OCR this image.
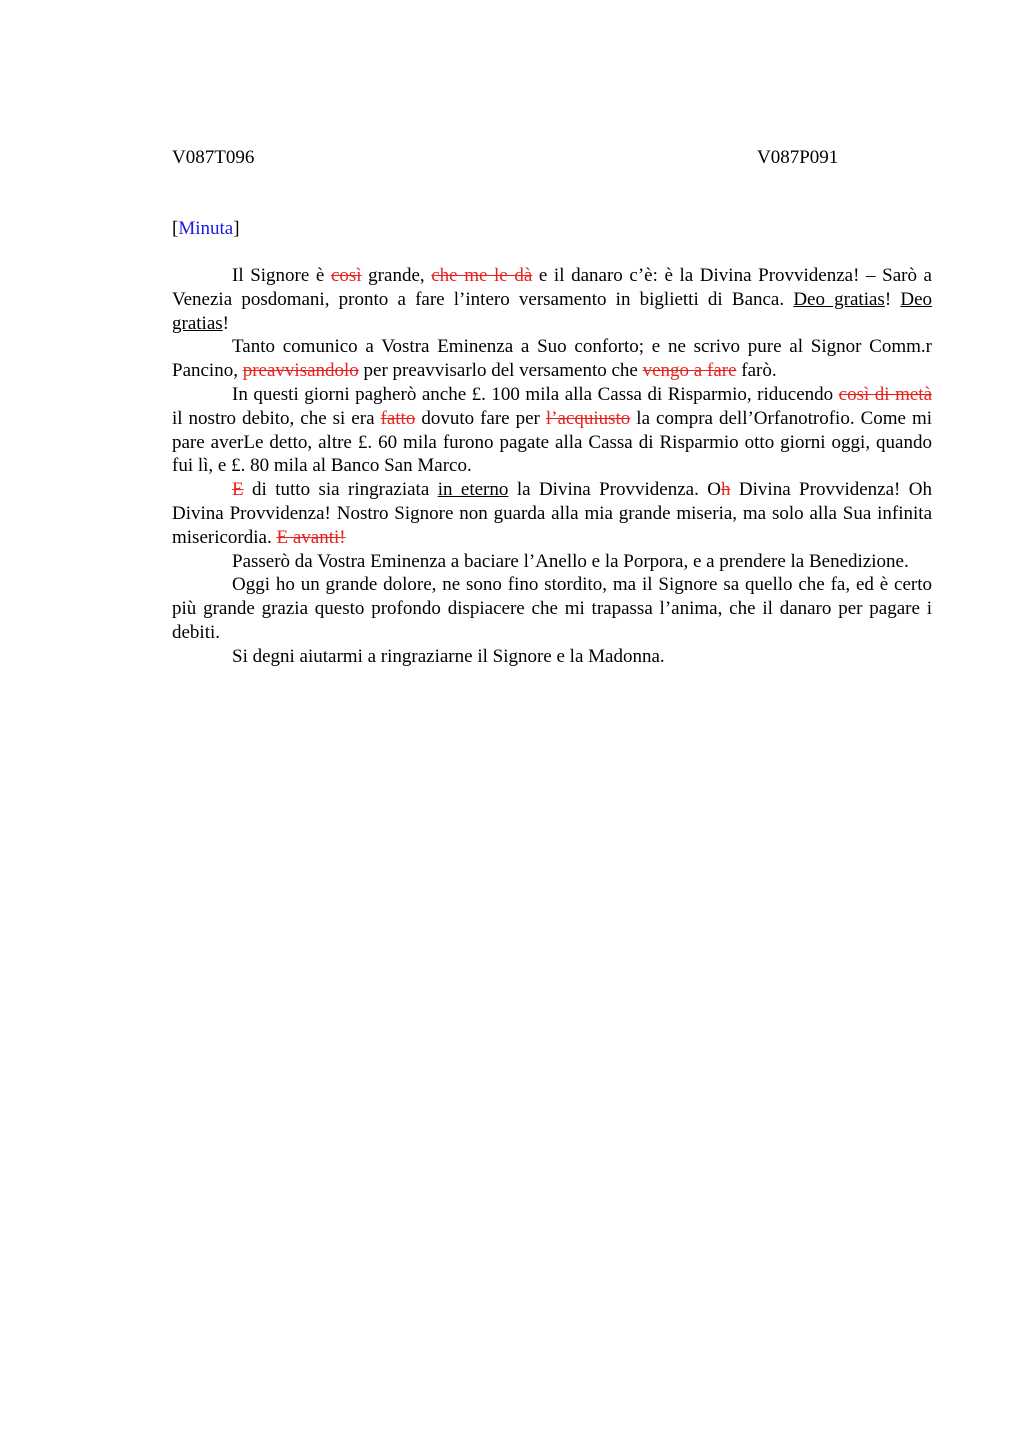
V087T096	V087P091
[Minuta]

Il Signore è così grande, che me le dà e il danaro c’è: è la Divina Provvidenza! – Sarò a Venezia posdomani, pronto a fare l’intero versamento in biglietti di Banca. Deo gratias! Deo gratias!

Tanto comunico a Vostra Eminenza a Suo conforto; e ne scrivo pure al Signor Comm.r Pancino, preavvisandolo per preavvisarlo del versamento che vengo a fare farò.

In questi giorni pagherò anche £. 100 mila alla Cassa di Risparmio, riducendo così di metà il nostro debito, che si era fatto dovuto fare per l’acquiusto la compra dell’Orfanotrofio. Come mi pare averLe detto, altre £. 60 mila furono pagate alla Cassa di Risparmio otto giorni oggi, quando fui lì, e £. 80 mila al Banco San Marco.

E di tutto sia ringraziata in eterno la Divina Provvidenza. Oh Divina Provvidenza! Oh Divina Provvidenza! Nostro Signore non guarda alla mia grande miseria, ma solo alla Sua infinita misericordia. E avanti!

Passerò da Vostra Eminenza a baciare l’Anello e la Porpora, e a prendere la Benedizione.

Oggi ho un grande dolore, ne sono fino stordito, ma il Signore sa quello che fa, ed è certo più grande grazia questo profondo dispiacere che mi trapassa l’anima, che il danaro per pagare i debiti.

Si degni aiutarmi a ringraziarne il Signore e la Madonna.
